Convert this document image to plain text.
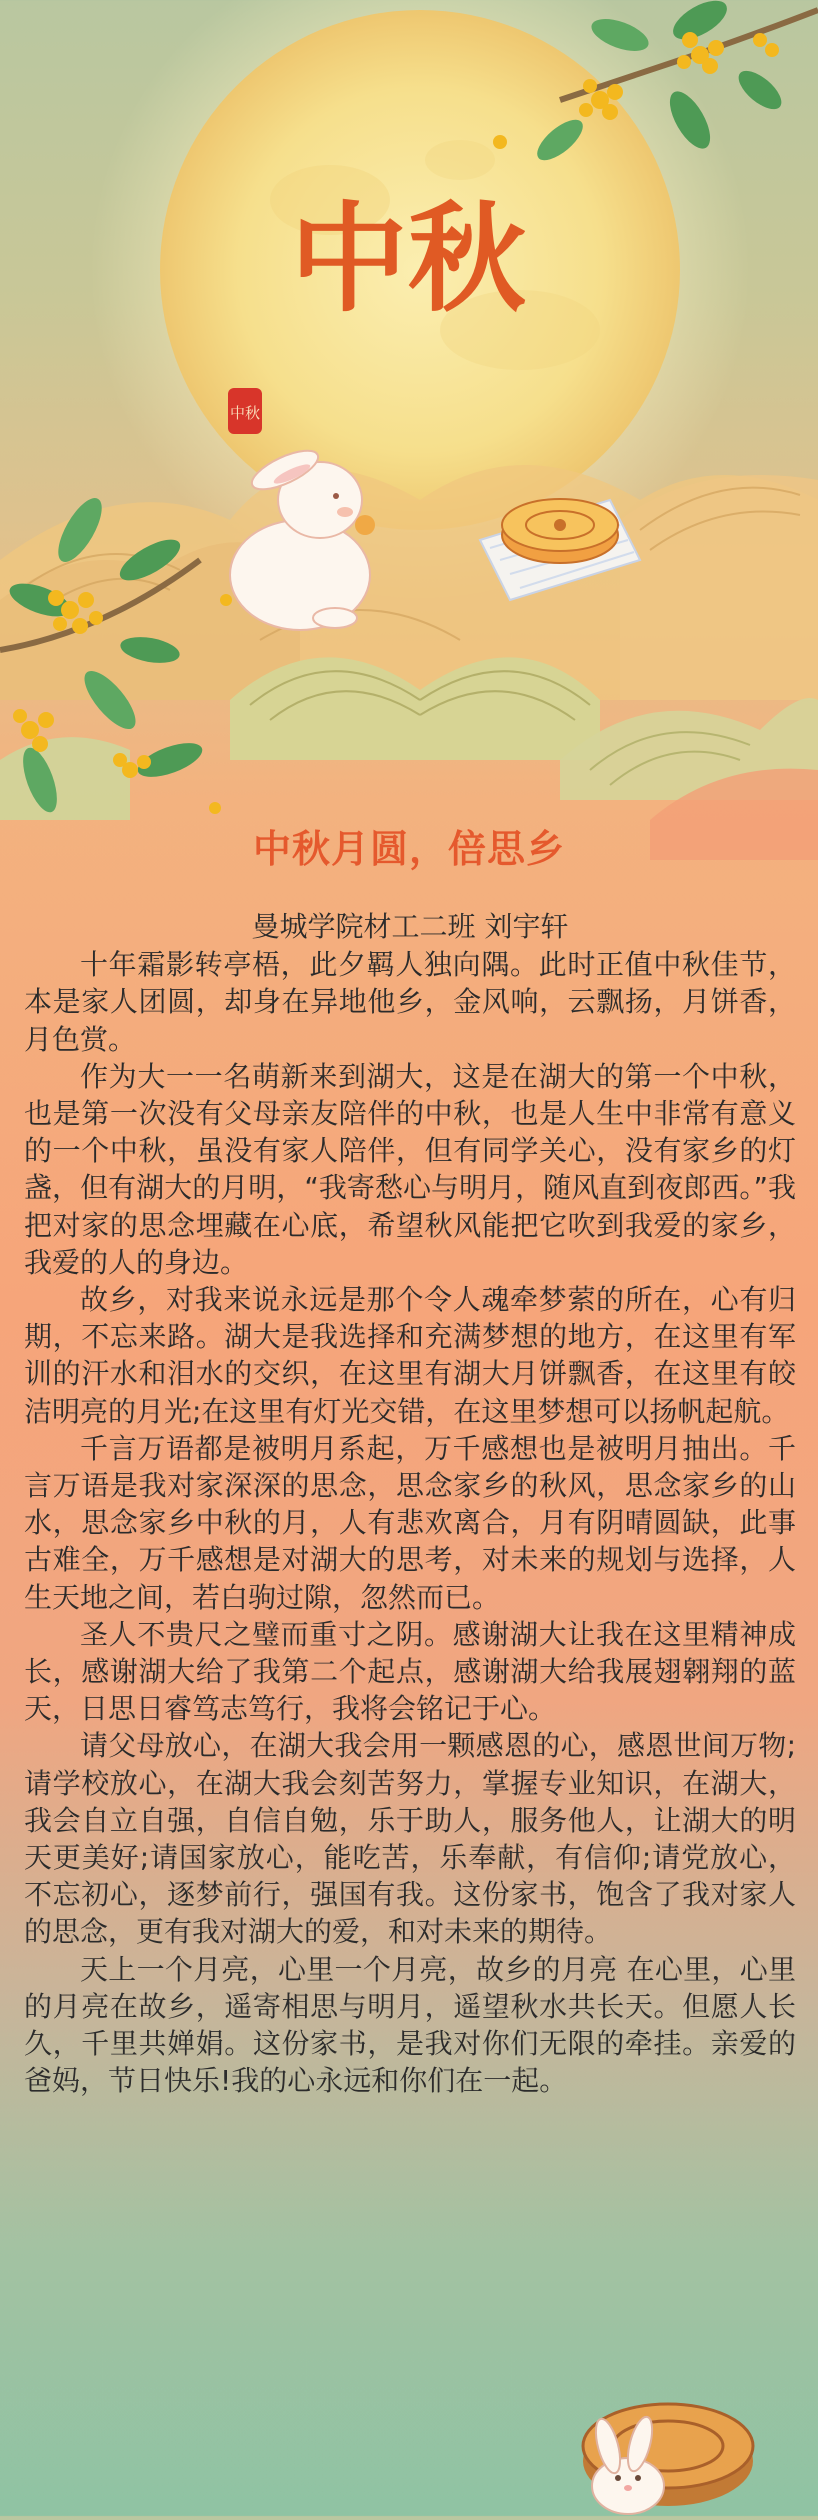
中秋
中秋
中秋月圆，倍思乡

曼城学院材工二班 刘宇轩

十年霜影转亭梧，此夕羁人独向隅。此时正值中秋佳节，本是家人团圆，却身在异地他乡，金风响，云飘扬，月饼香，月色赏。

作为大一一名萌新来到湖大，这是在湖大的第一个中秋，也是第一次没有父母亲友陪伴的中秋，也是人生中非常有意义的一个中秋，虽没有家人陪伴，但有同学关心，没有家乡的灯盏，但有湖大的月明，“我寄愁心与明月，随风直到夜郎西。”我把对家的思念埋藏在心底，希望秋风能把它吹到我爱的家乡，我爱的人的身边。

故乡，对我来说永远是那个令人魂牵梦萦的所在，心有归期，不忘来路。湖大是我选择和充满梦想的地方，在这里有军训的汗水和泪水的交织，在这里有湖大月饼飘香，在这里有皎洁明亮的月光;在这里有灯光交错，在这里梦想可以扬帆起航。

千言万语都是被明月系起，万千感想也是被明月抽出。千言万语是我对家深深的思念，思念家乡的秋风，思念家乡的山水，思念家乡中秋的月，人有悲欢离合，月有阴晴圆缺，此事古难全，万千感想是对湖大的思考，对未来的规划与选择，人生天地之间，若白驹过隙，忽然而已。

圣人不贵尺之璧而重寸之阴。感谢湖大让我在这里精神成长，感谢湖大给了我第二个起点，感谢湖大给我展翅翱翔的蓝天，日思日睿笃志笃行，我将会铭记于心。

请父母放心，在湖大我会用一颗感恩的心，感恩世间万物;请学校放心，在湖大我会刻苦努力，掌握专业知识，在湖大，我会自立自强，自信自勉，乐于助人，服务他人，让湖大的明天更美好;请国家放心，能吃苦，乐奉献，有信仰;请党放心，不忘初心，逐梦前行，强国有我。这份家书，饱含了我对家人的思念，更有我对湖大的爱，和对未来的期待。

天上一个月亮，心里一个月亮，故乡的月亮 在心里，心里的月亮在故乡，遥寄相思与明月，遥望秋水共长天。但愿人长久，千里共婵娟。这份家书，是我对你们无限的牵挂。亲爱的爸妈，节日快乐!我的心永远和你们在一起。
